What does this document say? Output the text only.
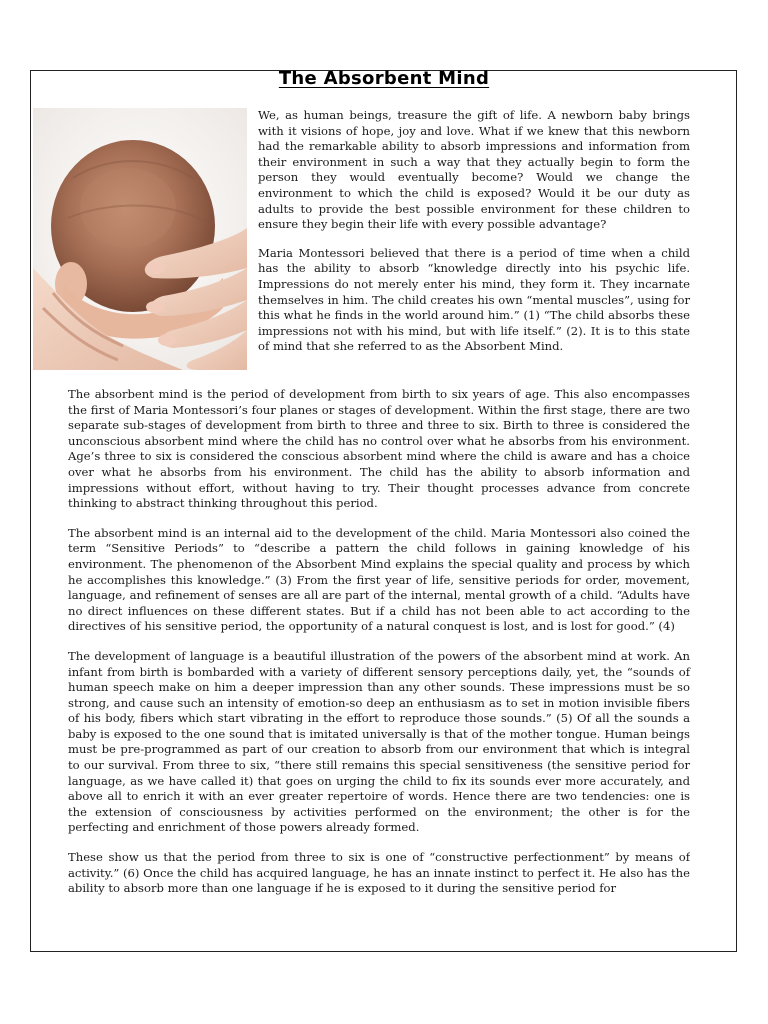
The Absorbent Mind

We, as human beings, treasure the gift of life. A newborn baby brings with it visions of hope, joy and love. What if we knew that this newborn had the remarkable ability to absorb impressions and information from their environment in such a way that they actually begin to form the person they would eventually become? Would we change the environment to which the child is exposed? Would it be our duty as adults to provide the best possible environment for these children to ensure they begin their life with every possible advantage?

Maria Montessori believed that there is a period of time when a child has the ability to absorb “knowledge directly into his psychic life. Impressions do not merely enter his mind, they form it. They incarnate themselves in him. The child creates his own “mental muscles”, using for this what he finds in the world around him.” (1) “The child absorbs these impressions not with his mind, but with life itself.” (2). It is to this state of mind that she referred to as the Absorbent Mind.

The absorbent mind is the period of development from birth to six years of age. This also encompasses the first of Maria Montessori’s four planes or stages of development. Within the first stage, there are two separate sub-stages of development from birth to three and three to six. Birth to three is considered the unconscious absorbent mind where the child has no control over what he absorbs from his environment. Age’s three to six is considered the conscious absorbent mind where the child is aware and has a choice over what he absorbs from his environment. The child has the ability to absorb information and impressions without effort, without having to try. Their thought processes advance from concrete thinking to abstract thinking throughout this period.

The absorbent mind is an internal aid to the development of the child. Maria Montessori also coined the term “Sensitive Periods” to “describe a pattern the child follows in gaining knowledge of his environment. The phenomenon of the Absorbent Mind explains the special quality and process by which he accomplishes this knowledge.” (3) From the first year of life, sensitive periods for order, movement, language, and refinement of senses are all are part of the internal, mental growth of a child. “Adults have no direct influences on these different states. But if a child has not been able to act according to the directives of his sensitive period, the opportunity of a natural conquest is lost, and is lost for good.” (4)

The development of language is a beautiful illustration of the powers of the absorbent mind at work. An infant from birth is bombarded with a variety of different sensory perceptions daily, yet, the “sounds of human speech make on him a deeper impression than any other sounds. These impressions must be so strong, and cause such an intensity of emotion-so deep an enthusiasm as to set in motion invisible fibers of his body, fibers which start vibrating in the effort to reproduce those sounds.” (5) Of all the sounds a baby is exposed to the one sound that is imitated universally is that of the mother tongue. Human beings must be pre-programmed as part of our creation to absorb from our environment that which is integral to our survival. From three to six, “there still remains this special sensitiveness (the sensitive period for language, as we have called it) that goes on urging the child to fix its sounds ever more accurately, and above all to enrich it with an ever greater repertoire of words. Hence there are two tendencies: one is the extension of consciousness by activities performed on the environment; the other is for the perfecting and enrichment of those powers already formed.

These show us that the period from three to six is one of “constructive perfectionment” by means of activity.” (6) Once the child has acquired language, he has an innate instinct to perfect it. He also has the ability to absorb more than one language if he is exposed to it during the sensitive period for
